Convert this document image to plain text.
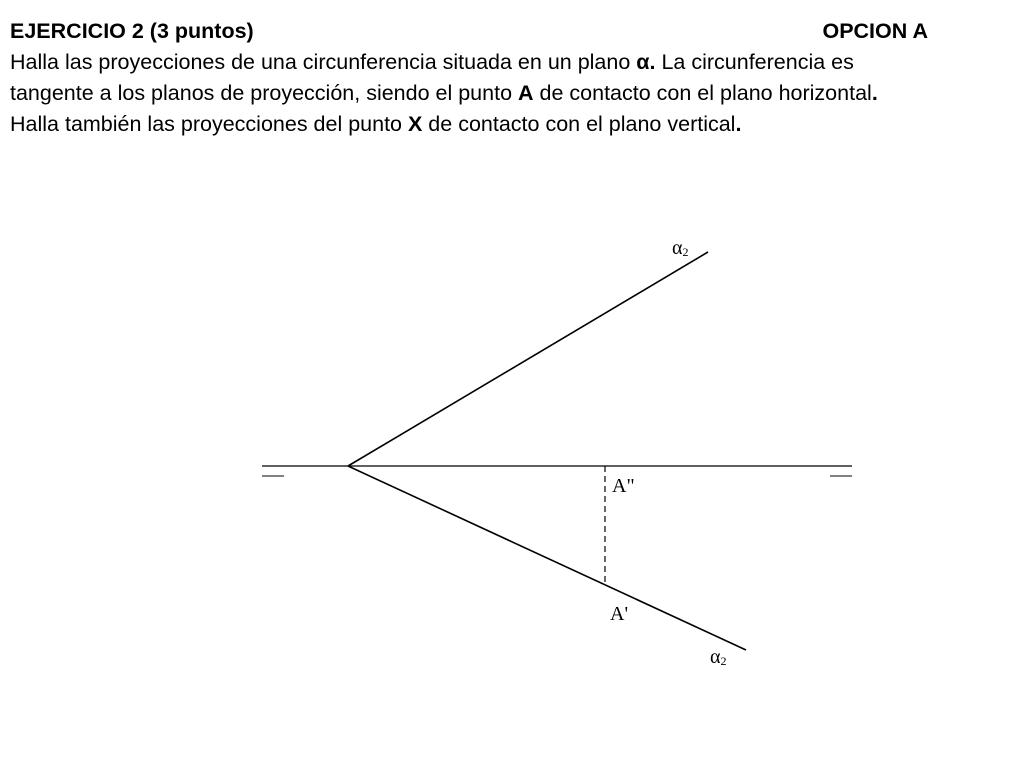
EJERCICIO 2 (3 puntos)	OPCION A
Halla las proyecciones de una circunferencia situada en un plano α. La circunferencia es
tangente a los planos de proyección, siendo el punto A de contacto con el plano horizontal.
Halla también las proyecciones del punto X de contacto con el plano vertical.
α2
α2
A"
A'
